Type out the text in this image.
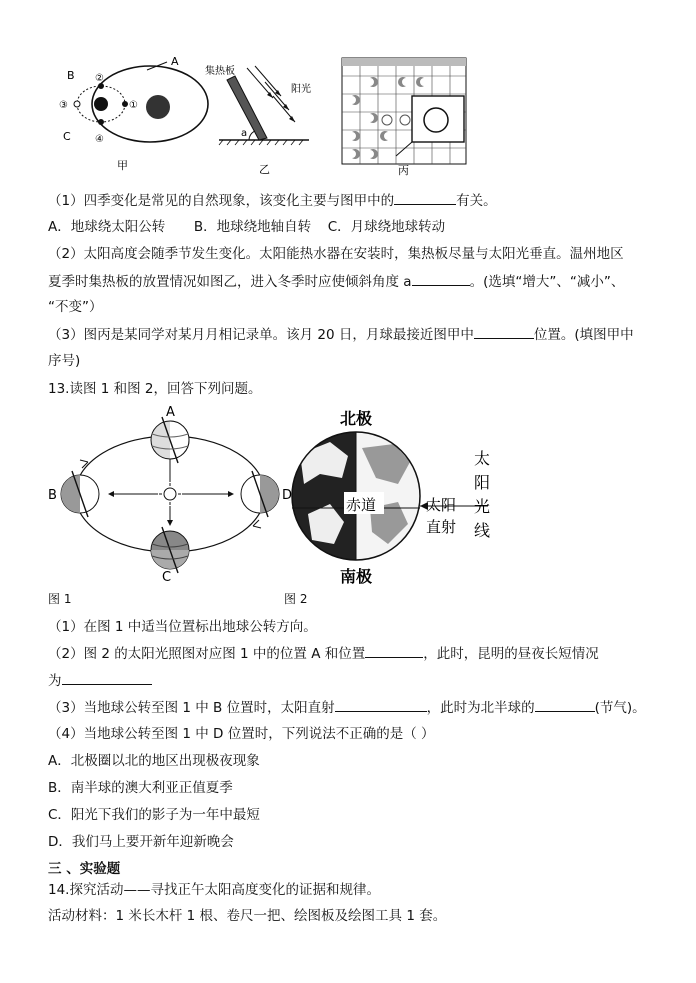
A
B
C
②
①
③
④
甲
集热板
阳光
a
乙	丙
（1）四季变化是常见的自然现象，该变化主要与图甲中的	有关。
A．地球绕太阳公转 B．地球绕地轴自转 C．月球绕地球转动
（2）太阳高度会随季节发生变化。太阳能热水器在安装时，集热板尽量与太阳光垂直。温州地区
夏季时集热板的放置情况如图乙，进入冬季时应使倾斜角度 a	。(选填“增大”、“减小”、
“不变”）
（3）图丙是某同学对某月月相记录单。该月 20 日，月球最接近图甲中	位置。(填图甲中
序号)
13.读图 1 和图 2，回答下列问题。
A
B
C
D
北极
南极
赤道	太阳
直射
太
阳
光
线
图 1	图 2
（1）在图 1 中适当位置标出地球公转方向。
（2）图 2 的太阳光照图对应图 1 中的位置 A 和位置	，此时，昆明的昼夜长短情况
为
（3）当地球公转至图 1 中 B 位置时，太阳直射	，此时为北半球的	(节气)。
（4）当地球公转至图 1 中 D 位置时，下列说法不正确的是（ ）
A．北极圈以北的地区出现极夜现象
B．南半球的澳大利亚正值夏季
C．阳光下我们的影子为一年中最短
D．我们马上要开新年迎新晚会
三 、实验题
14.探究活动——寻找正午太阳高度变化的证据和规律。
活动材料：1 米长木杆 1 根、卷尺一把、绘图板及绘图工具 1 套。
